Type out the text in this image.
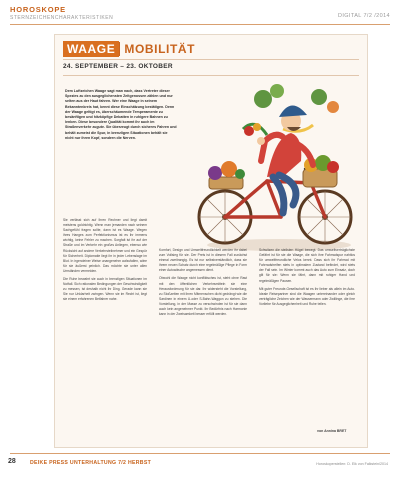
HOROSKOPE
STERNZEICHENCHARAKTERISTIKEN	DIGITAL 7/2 /2014
WAAGE MOBILITÄT
24. SEPTEMBER – 23. OKTOBER

Dem Luftzeichen Waage sagt man nach, dass Vertreter dieser Spezies zu den ausgeglichensten Zeitgenossen zählen und nur selten aus der Haut fahren. Wer eine Waage in seinem Bekanntenkreis hat, kennt diese Einschätzung bestätigen. Denn der Waage geltigt es, überschäumende Temperamente zu besänftigen und hitzköpfige Debatten in ruhigere Bahnen zu lenken. Diese besondere Qualität kommt ihr auch im Straßenverkehr zugute. Sie überzeugt durch sicheres Fahren und behält zumeist die Spur, in brenzligen Situationen behält sie nicht nur ihren Kopf, sondern die Nerven.

Sie verlässt sich auf Ihren Rechner und liegt damit meistens goldrichtig. Wenn man jemanden nach seinem Sachgefühl fragen sollte, dann ist es Waage. Wegen ihres Hanges zum Perfektionismus ist es ihr immens wichtig, keine Fehler zu machen. Sorgfalt ist ihr auf der Straße und im Verkehr ein großes Anliegen, ebenso wie Rücksicht auf andere Verkehrsteilnehmer und ein Gespür für Sicherheit. Diplomatie liegt ihr in jeder Lebenslage im Blut. In irgendeiner Weise unangenehm aufzufallen, wäre für sie äußerst peinlich. Das möchte sie unter allen Umständen vermeiden.

Die Ruhe bewahrt sie auch in brenzligen Situationen im Notfall. Sich rationalen Bedingungen der Geschwindigkeit zu messen, ist deshalb nicht ihr Ding. Gerade kann sie Sie nur Unklarheit zwingen. Wenn sie im Recht ist, liegt sie einem erfahrenen Beifahrer nahe.

Komfort, Design und Umweltfreundlichkeit werden ihr dabei zum Vollsieg für sie. Der Preis ist in diesem Fall zunächst einmal zweitrangig. Es ist nur selbstverständlich, dass sie ihrem neuen Schatz durch eine regelmäßige Pflege in Form einer Autowäsche angemessen dient.

Obwohl die Waage nicht konfliktscheu ist, steht ohne Rast mit den öffentlichen Verkehrsmitteln sie eine Herausforderung für sie dar. Ihr widersteht die Vorstellung, zu Stoßzeiten mit ihren Mitmenschen dicht gedrängt wie die Sardinen in einem U-oder S-Bahn-Waggon zu stehen. Die Vorstellung, in der Masse zu verschwinden ist für sie dann auch kein angenehmer Punkt. Ihr Bedürfnis nach Harmonie kann in der Zweisamkeit besser erfüllt werden.

Schwitzen die steilsten Hügel bewegt. Das umweltverträglichste Gefährt ist für sie die Waage, die sich ihre Fahrradspur nahtlos für umweltfreundliche Velos kennt. Dass sich ihr Fahrrad mit Fahrradstreifen stets in optimalem Zustand befindet, wird stets der Fall sein. Im Winter kommt auch das Auto zum Einsatz, doch gilt für sie: Wenn sie fährt, dann mit ruhiger Hand und regelmäßigen Pausen.

Mit guter Freunde-Gesellschaft ist es ihr lieber als allein im Auto. Ideale Reisepartner sind die Waagen untereinander oder gleich verträgliche Zeichen wie der Wassermann oder Zwillinge, die ihre Vorliebe für Ausgeglichenheit und Ruhe teilen.

von Annina BRET
28	DEIKE PRESS UNTERHALTUNG 7/2 HERBST	Horoskoperstellen: D. Elk von Falkstein/2014
